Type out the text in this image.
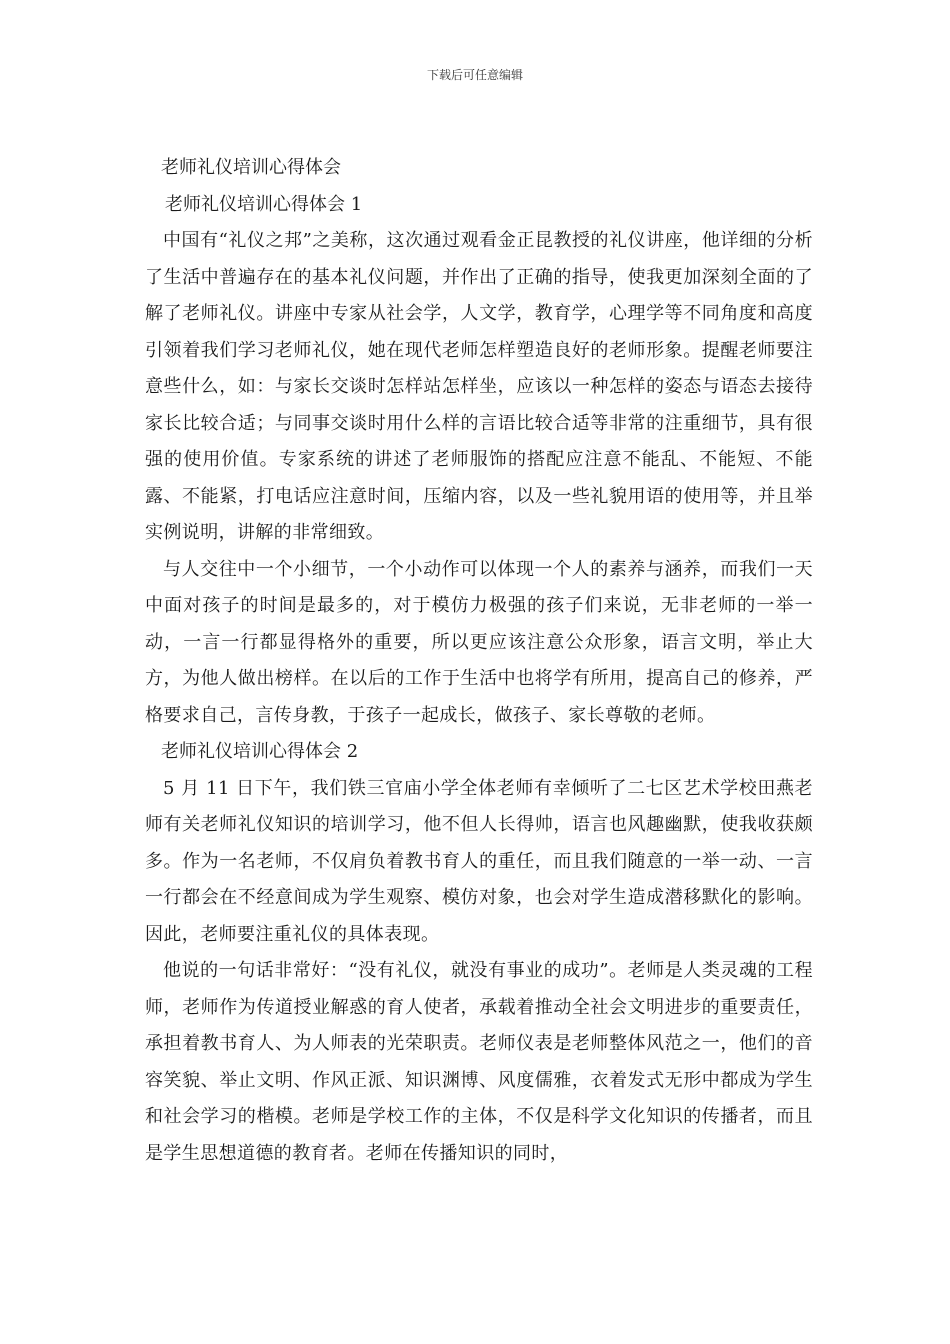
下载后可任意编辑

老师礼仪培训心得体会

老师礼仪培训心得体会 1

中国有“礼仪之邦”之美称，这次通过观看金正昆教授的礼仪讲座，他详细的分析了生活中普遍存在的基本礼仪问题，并作出了正确的指导，使我更加深刻全面的了解了老师礼仪。讲座中专家从社会学，人文学，教育学，心理学等不同角度和高度引领着我们学习老师礼仪，她在现代老师怎样塑造良好的老师形象。提醒老师要注意些什么，如：与家长交谈时怎样站怎样坐，应该以一种怎样的姿态与语态去接待家长比较合适；与同事交谈时用什么样的言语比较合适等非常的注重细节，具有很强的使用价值。专家系统的讲述了老师服饰的搭配应注意不能乱、不能短、不能露、不能紧，打电话应注意时间，压缩内容，以及一些礼貌用语的使用等，并且举实例说明，讲解的非常细致。

与人交往中一个小细节，一个小动作可以体现一个人的素养与涵养，而我们一天中面对孩子的时间是最多的，对于模仿力极强的孩子们来说，无非老师的一举一动，一言一行都显得格外的重要，所以更应该注意公众形象，语言文明，举止大方，为他人做出榜样。在以后的工作于生活中也将学有所用，提高自己的修养，严格要求自己，言传身教，于孩子一起成长，做孩子、家长尊敬的老师。

老师礼仪培训心得体会 2

5 月 11 日下午，我们铁三官庙小学全体老师有幸倾听了二七区艺术学校田燕老师有关老师礼仪知识的培训学习，他不但人长得帅，语言也风趣幽默，使我收获颇多。作为一名老师，不仅肩负着教书育人的重任，而且我们随意的一举一动、一言一行都会在不经意间成为学生观察、模仿对象，也会对学生造成潜移默化的影响。因此，老师要注重礼仪的具体表现。

他说的一句话非常好：“没有礼仪，就没有事业的成功”。老师是人类灵魂的工程师，老师作为传道授业解惑的育人使者，承载着推动全社会文明进步的重要责任，承担着教书育人、为人师表的光荣职责。老师仪表是老师整体风范之一，他们的音容笑貌、举止文明、作风正派、知识渊博、风度儒雅，衣着发式无形中都成为学生和社会学习的楷模。老师是学校工作的主体，不仅是科学文化知识的传播者，而且是学生思想道德的教育者。老师在传播知识的同时，
